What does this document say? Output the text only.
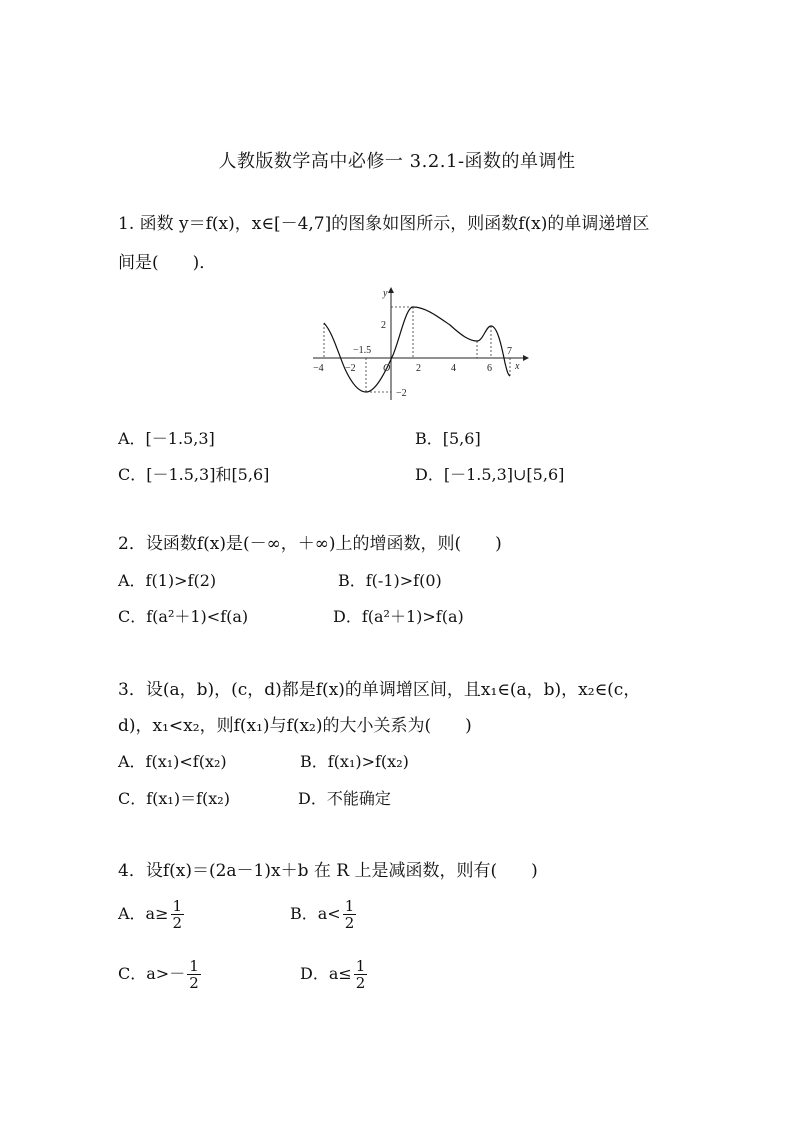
人教版数学高中必修一 3.2.1-函数的单调性
1. 函数 y＝f(x)，x∈[－4,7]的图象如图所示，则函数f(x)的单调递增区
间是(　　)．
−4 −2	2	4	6
7
−1.5
2
−2
O
y
x
A．[－1.5,3]	B．[5,6]
C．[－1.5,3]和[5,6]	D．[－1.5,3]∪[5,6]
2．设函数f(x)是(－∞，＋∞)上的增函数，则(　　)
A．f(1)>f(2)	B．f(-1)>f(0)
C．f(a²＋1)<f(a)	D．f(a²＋1)>f(a)
3．设(a，b)，(c，d)都是f(x)的单调增区间，且x₁∈(a，b)，x₂∈(c，
d)，x₁<x₂，则f(x₁)与f(x₂)的大小关系为(　　)
A．f(x₁)<f(x₂)	B．f(x₁)>f(x₂)
C．f(x₁)＝f(x₂)	D．不能确定
4．设f(x)＝(2a－1)x＋b 在 R 上是减函数，则有(　　)
A．$a\ge \frac{1}{2}$	B．$a< \frac{1}{2}$
C．$a>- \frac{1}{2}$	D．$a\le \frac{1}{2}$
